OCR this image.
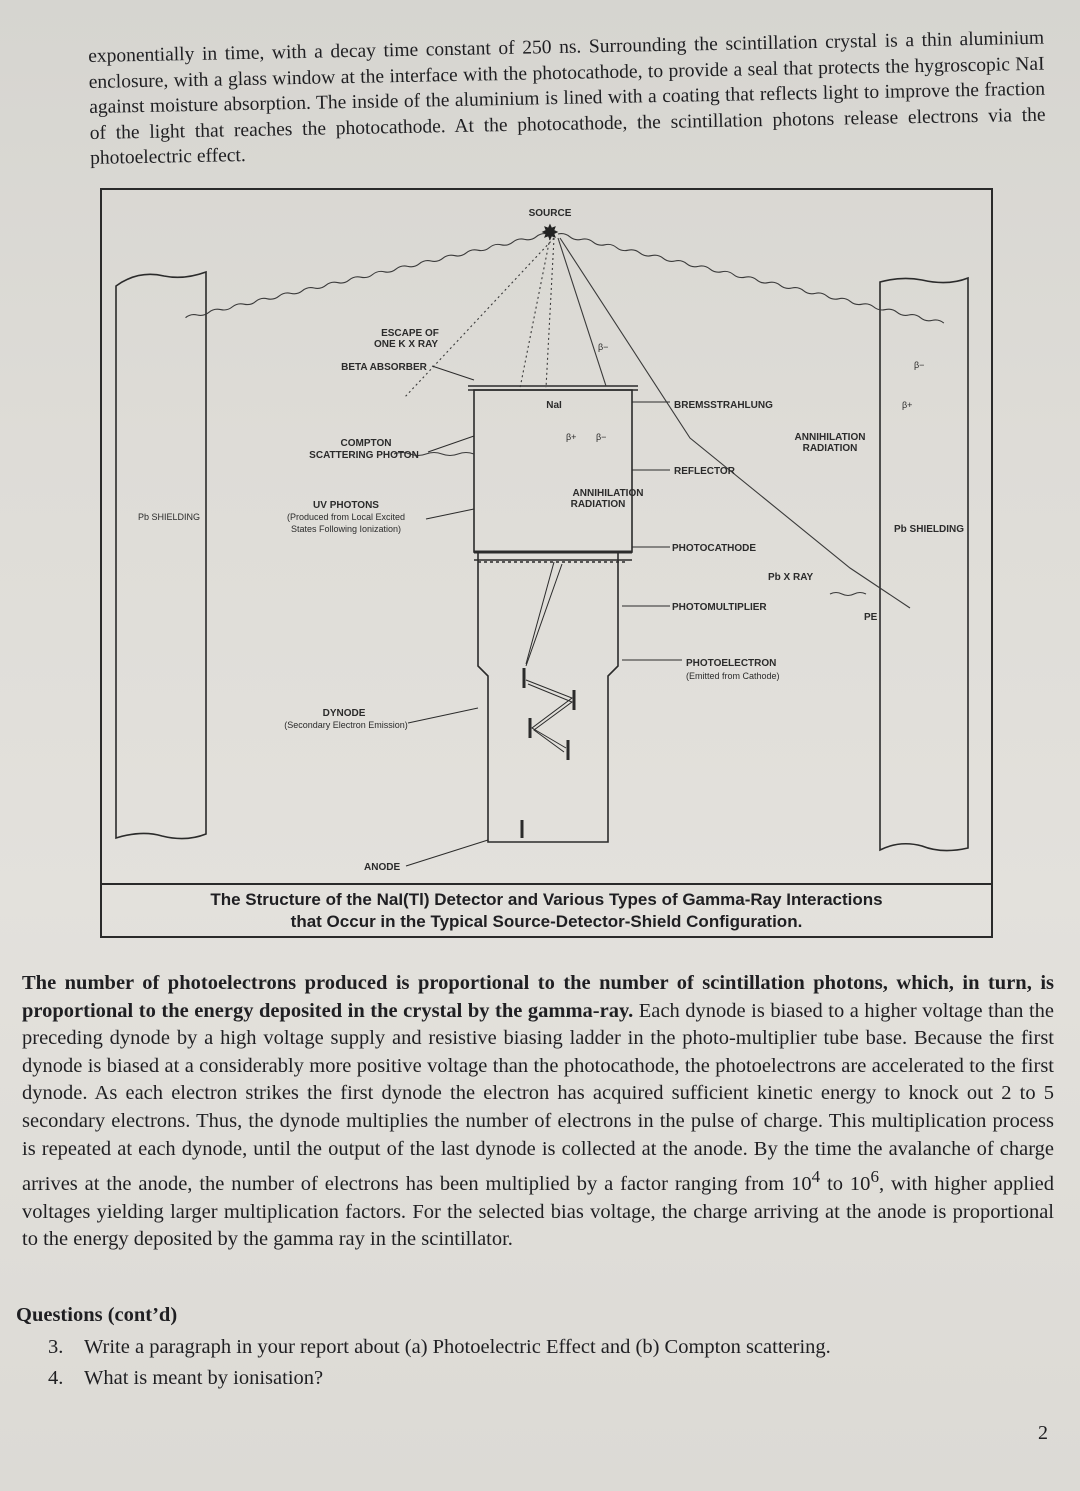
exponentially in time, with a decay time constant of 250 ns. Surrounding the scintillation crystal is a thin aluminium enclosure, with a glass window at the interface with the photocathode, to provide a seal that protects the hygroscopic NaI against moisture absorption. The inside of the aluminium is lined with a coating that reflects light to improve the fraction of the light that reaches the photocathode. At the photocathode, the scintillation photons release electrons via the photoelectric effect.

✸
SOURCE
ESCAPE OF
ONE K X RAY
BETA ABSORBER
NaI	BREMSSTRAHLUNG
ANNIHILATION
RADIATION
COMPTON
SCATTERING PHOTON
REFLECTOR
ANNIHILATION
RADIATION
UV PHOTONS
(Produced from Local Excited
States Following Ionization)
Pb SHIELDING
Pb SHIELDING
PHOTOCATHODE
Pb X RAY
PHOTOMULTIPLIER
PE
PHOTOELECTRON
(Emitted from Cathode)
DYNODE
(Secondary Electron Emission)
ANODE
β−
β−
β−
β+
β+
The Structure of the NaI(Tl) Detector and Various Types of Gamma-Ray Interactions
that Occur in the Typical Source-Detector-Shield Configuration.

The number of photoelectrons produced is proportional to the number of scintillation photons, which, in turn, is proportional to the energy deposited in the crystal by the gamma-ray. Each dynode is biased to a higher voltage than the preceding dynode by a high voltage supply and resistive biasing ladder in the photo-multiplier tube base. Because the first dynode is biased at a considerably more positive voltage than the photocathode, the photoelectrons are accelerated to the first dynode. As each electron strikes the first dynode the electron has acquired sufficient kinetic energy to knock out 2 to 5 secondary electrons. Thus, the dynode multiplies the number of electrons in the pulse of charge. This multiplication process is repeated at each dynode, until the output of the last dynode is collected at the anode. By the time the avalanche of charge arrives at the anode, the number of electrons has been multiplied by a factor ranging from $10^4$ to $10^6$, with higher applied voltages yielding larger multiplication factors. For the selected bias voltage, the charge arriving at the anode is proportional to the energy deposited by the gamma ray in the scintillator.

Questions (cont’d)

3. Write a paragraph in your report about (a) Photoelectric Effect and (b) Compton scattering.
4. What is meant by ionisation?
2
